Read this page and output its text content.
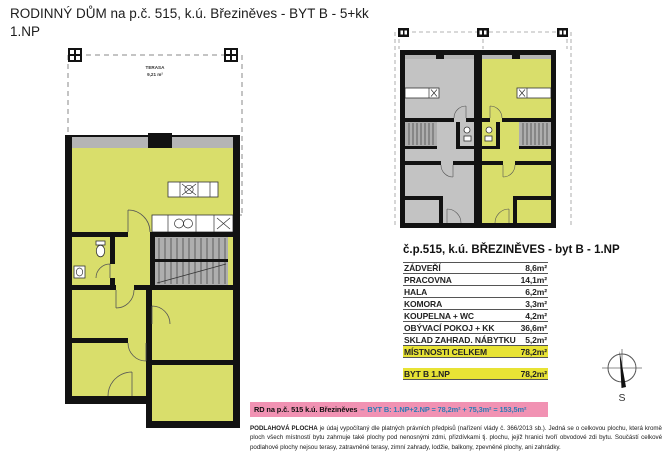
RODINNÝ DŮM na p.č. 515, k.ú. Březiněves - BYT B - 5+kk
1.NP
TERASA
9,21 m²
č.p.515, k.ú. BŘEZINĚVES - byt B - 1.NP
ZÁDVEŘÍ	8,6m²
PRACOVNA	14,1m²
HALA	6,2m²
KOMORA	3,3m²
KOUPELNA + WC	4,2m²
OBÝVACÍ POKOJ + KK	36,6m²
SKLAD ZAHRAD. NÁBYTKU 5,2m²
MÍSTNOSTI CELKEM	78,2m²
BYT B 1.NP	78,2m²
S
RD na p.č. 515 k.ú. Březiněves – BYT B: 1.NP+2.NP = 78,2m² + 75,3m² = 153,5m²
PODLAHOVÁ PLOCHA je údaj vypočítaný dle platných právních předpisů (nařízení vlády č. 366/2013 sb.). Jedná se o celkovou plochu, která kromě ploch všech místností bytu zahrnuje také plochy pod nenosnými zdmi, přizdívkami tj. plochu, jejíž hranici tvoří obvodové zdi bytu. Součástí celkové podlahové plochy nejsou terasy, zatravněné terasy, zimní zahrady, lodžie, balkony, zpevněné plochy, ani zahrádky.
